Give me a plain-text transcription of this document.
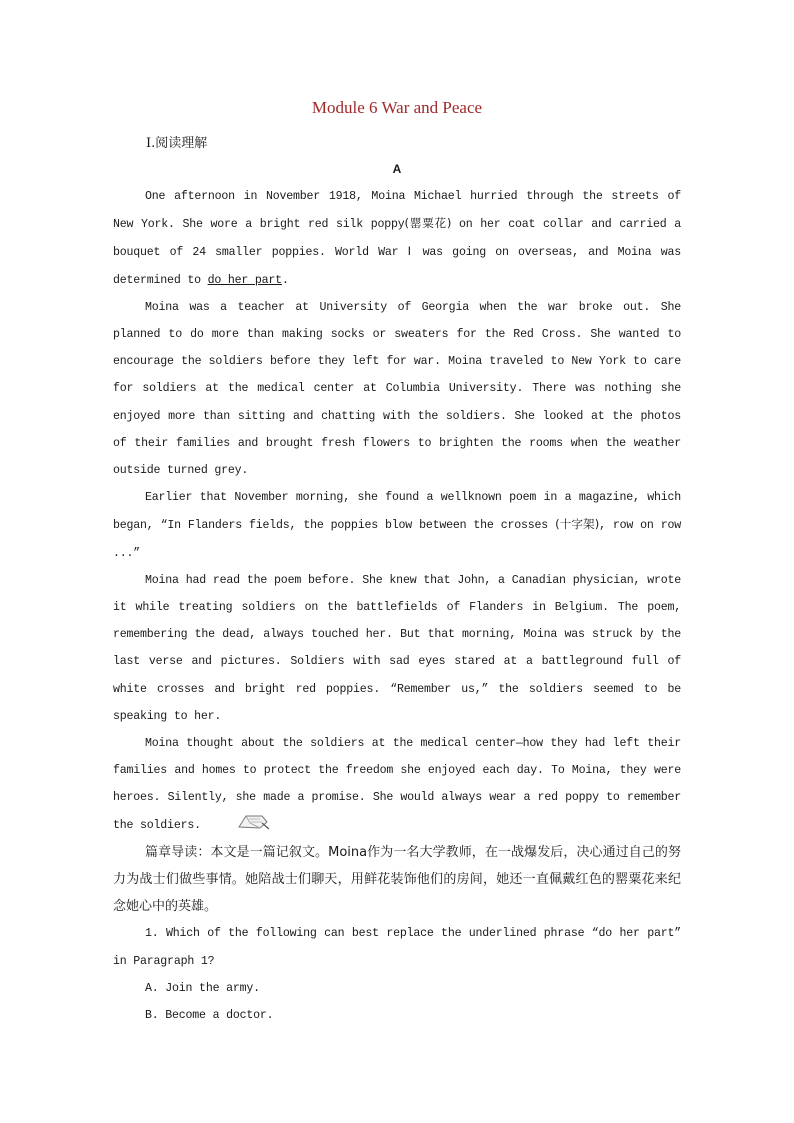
Module 6 War and Peace
Ⅰ.阅读理解
A

One afternoon in November 1918, Moina Michael hurried through the streets of New York. She wore a bright red silk poppy(罂粟花) on her coat collar and carried a bouquet of 24 smaller poppies. World War Ⅰ was going on overseas, and Moina was determined to do her part.

Moina was a teacher at University of Georgia when the war broke out. She planned to do more than making socks or sweaters for the Red Cross. She wanted to encourage the soldiers before they left for war. Moina traveled to New York to care for soldiers at the medical center at Columbia University. There was nothing she enjoyed more than sitting and chatting with the soldiers. She looked at the photos of their families and brought fresh flowers to brighten the rooms when the weather outside turned grey.

Earlier that November morning, she found a wellknown poem in a magazine, which began, “In Flanders fields, the poppies blow between the crosses (十字架), row on row ...”

Moina had read the poem before. She knew that John, a Canadian physician, wrote it while treating soldiers on the battlefields of Flanders in Belgium. The poem, remembering the dead, always touched her. But that morning, Moina was struck by the last verse and pictures. Soldiers with sad eyes stared at a battleground full of white crosses and bright red poppies. “Remember us,” the soldiers seemed to be speaking to her.

Moina thought about the soldiers at the medical center—how they had left their families and homes to protect the freedom she enjoyed each day. To Moina, they were heroes. Silently, she made a promise. She would always wear a red poppy to remember the soldiers.

篇章导读：本文是一篇记叙文。Moina作为一名大学教师，在一战爆发后，决心通过自己的努力为战士们做些事情。她陪战士们聊天，用鲜花装饰他们的房间，她还一直佩戴红色的罂粟花来纪念她心中的英雄。

1. Which of the following can best replace the underlined phrase “do her part” in Paragraph 1?

A. Join the army.

B. Become a doctor.
